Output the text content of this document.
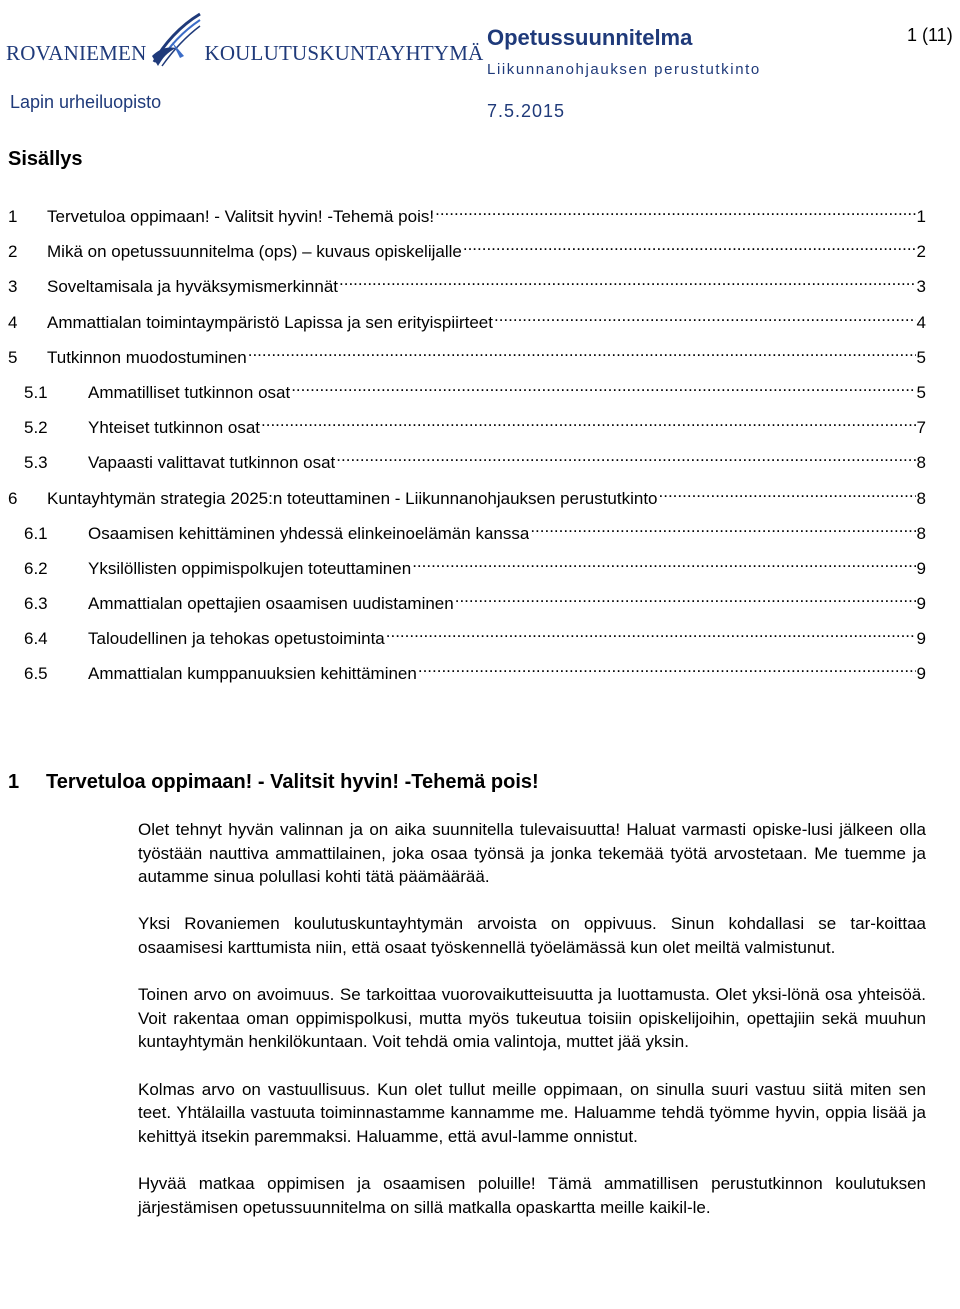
ROVANIEMEN	KOULUTUSKUNTAYHTYMÄ
Lapin urheiluopisto
Opetussuunnitelma
Liikunnanohjauksen perustutkinto
7.5.2015
1 (11)
Sisällys
1	Tervetuloa oppimaan! - Valitsit hyvin! -Tehemä pois! .....	1
2	Mikä on opetussuunnitelma (ops) – kuvaus opiskelijalle .....	2
3	Soveltamisala ja hyväksymismerkinnät .....	3
4	Ammattialan toimintaympäristö Lapissa ja sen erityispiirteet .....	4
5	Tutkinnon muodostuminen .....	5
5.1	Ammatilliset tutkinnon osat .....	5
5.2	Yhteiset tutkinnon osat .....	7
5.3	Vapaasti valittavat tutkinnon osat .....	8
6	Kuntayhtymän strategia 2025:n toteuttaminen - Liikunnanohjauksen perustutkinto .....	8
6.1	Osaamisen kehittäminen yhdessä elinkeinoelämän kanssa .....	8
6.2	Yksilöllisten oppimispolkujen toteuttaminen .....	9
6.3	Ammattialan opettajien osaamisen uudistaminen .....	9
6.4	Taloudellinen ja tehokas opetustoiminta .....	9
6.5	Ammattialan kumppanuuksien kehittäminen .....	9
1 Tervetuloa oppimaan! - Valitsit hyvin! -Tehemä pois!

Olet tehnyt hyvän valinnan ja on aika suunnitella tulevaisuutta! Haluat varmasti opiske-lusi jälkeen olla työstään nauttiva ammattilainen, joka osaa työnsä ja jonka tekemää työtä arvostetaan. Me tuemme ja autamme sinua polullasi kohti tätä päämäärää.

Yksi Rovaniemen koulutuskuntayhtymän arvoista on oppivuus. Sinun kohdallasi se tar-koittaa osaamisesi karttumista niin, että osaat työskennellä työelämässä kun olet meiltä valmistunut.

Toinen arvo on avoimuus. Se tarkoittaa vuorovaikutteisuutta ja luottamusta. Olet yksi-lönä osa yhteisöä. Voit rakentaa oman oppimispolkusi, mutta myös tukeutua toisiin opiskelijoihin, opettajiin sekä muuhun kuntayhtymän henkilökuntaan. Voit tehdä omia valintoja, muttet jää yksin.

Kolmas arvo on vastuullisuus. Kun olet tullut meille oppimaan, on sinulla suuri vastuu siitä miten sen teet. Yhtälailla vastuuta toiminnastamme kannamme me. Haluamme tehdä työmme hyvin, oppia lisää ja kehittyä itsekin paremmaksi. Haluamme, että avul-lamme onnistut.

Hyvää matkaa oppimisen ja osaamisen poluille! Tämä ammatillisen perustutkinnon koulutuksen järjestämisen opetussuunnitelma on sillä matkalla opaskartta meille kaikil-le.
